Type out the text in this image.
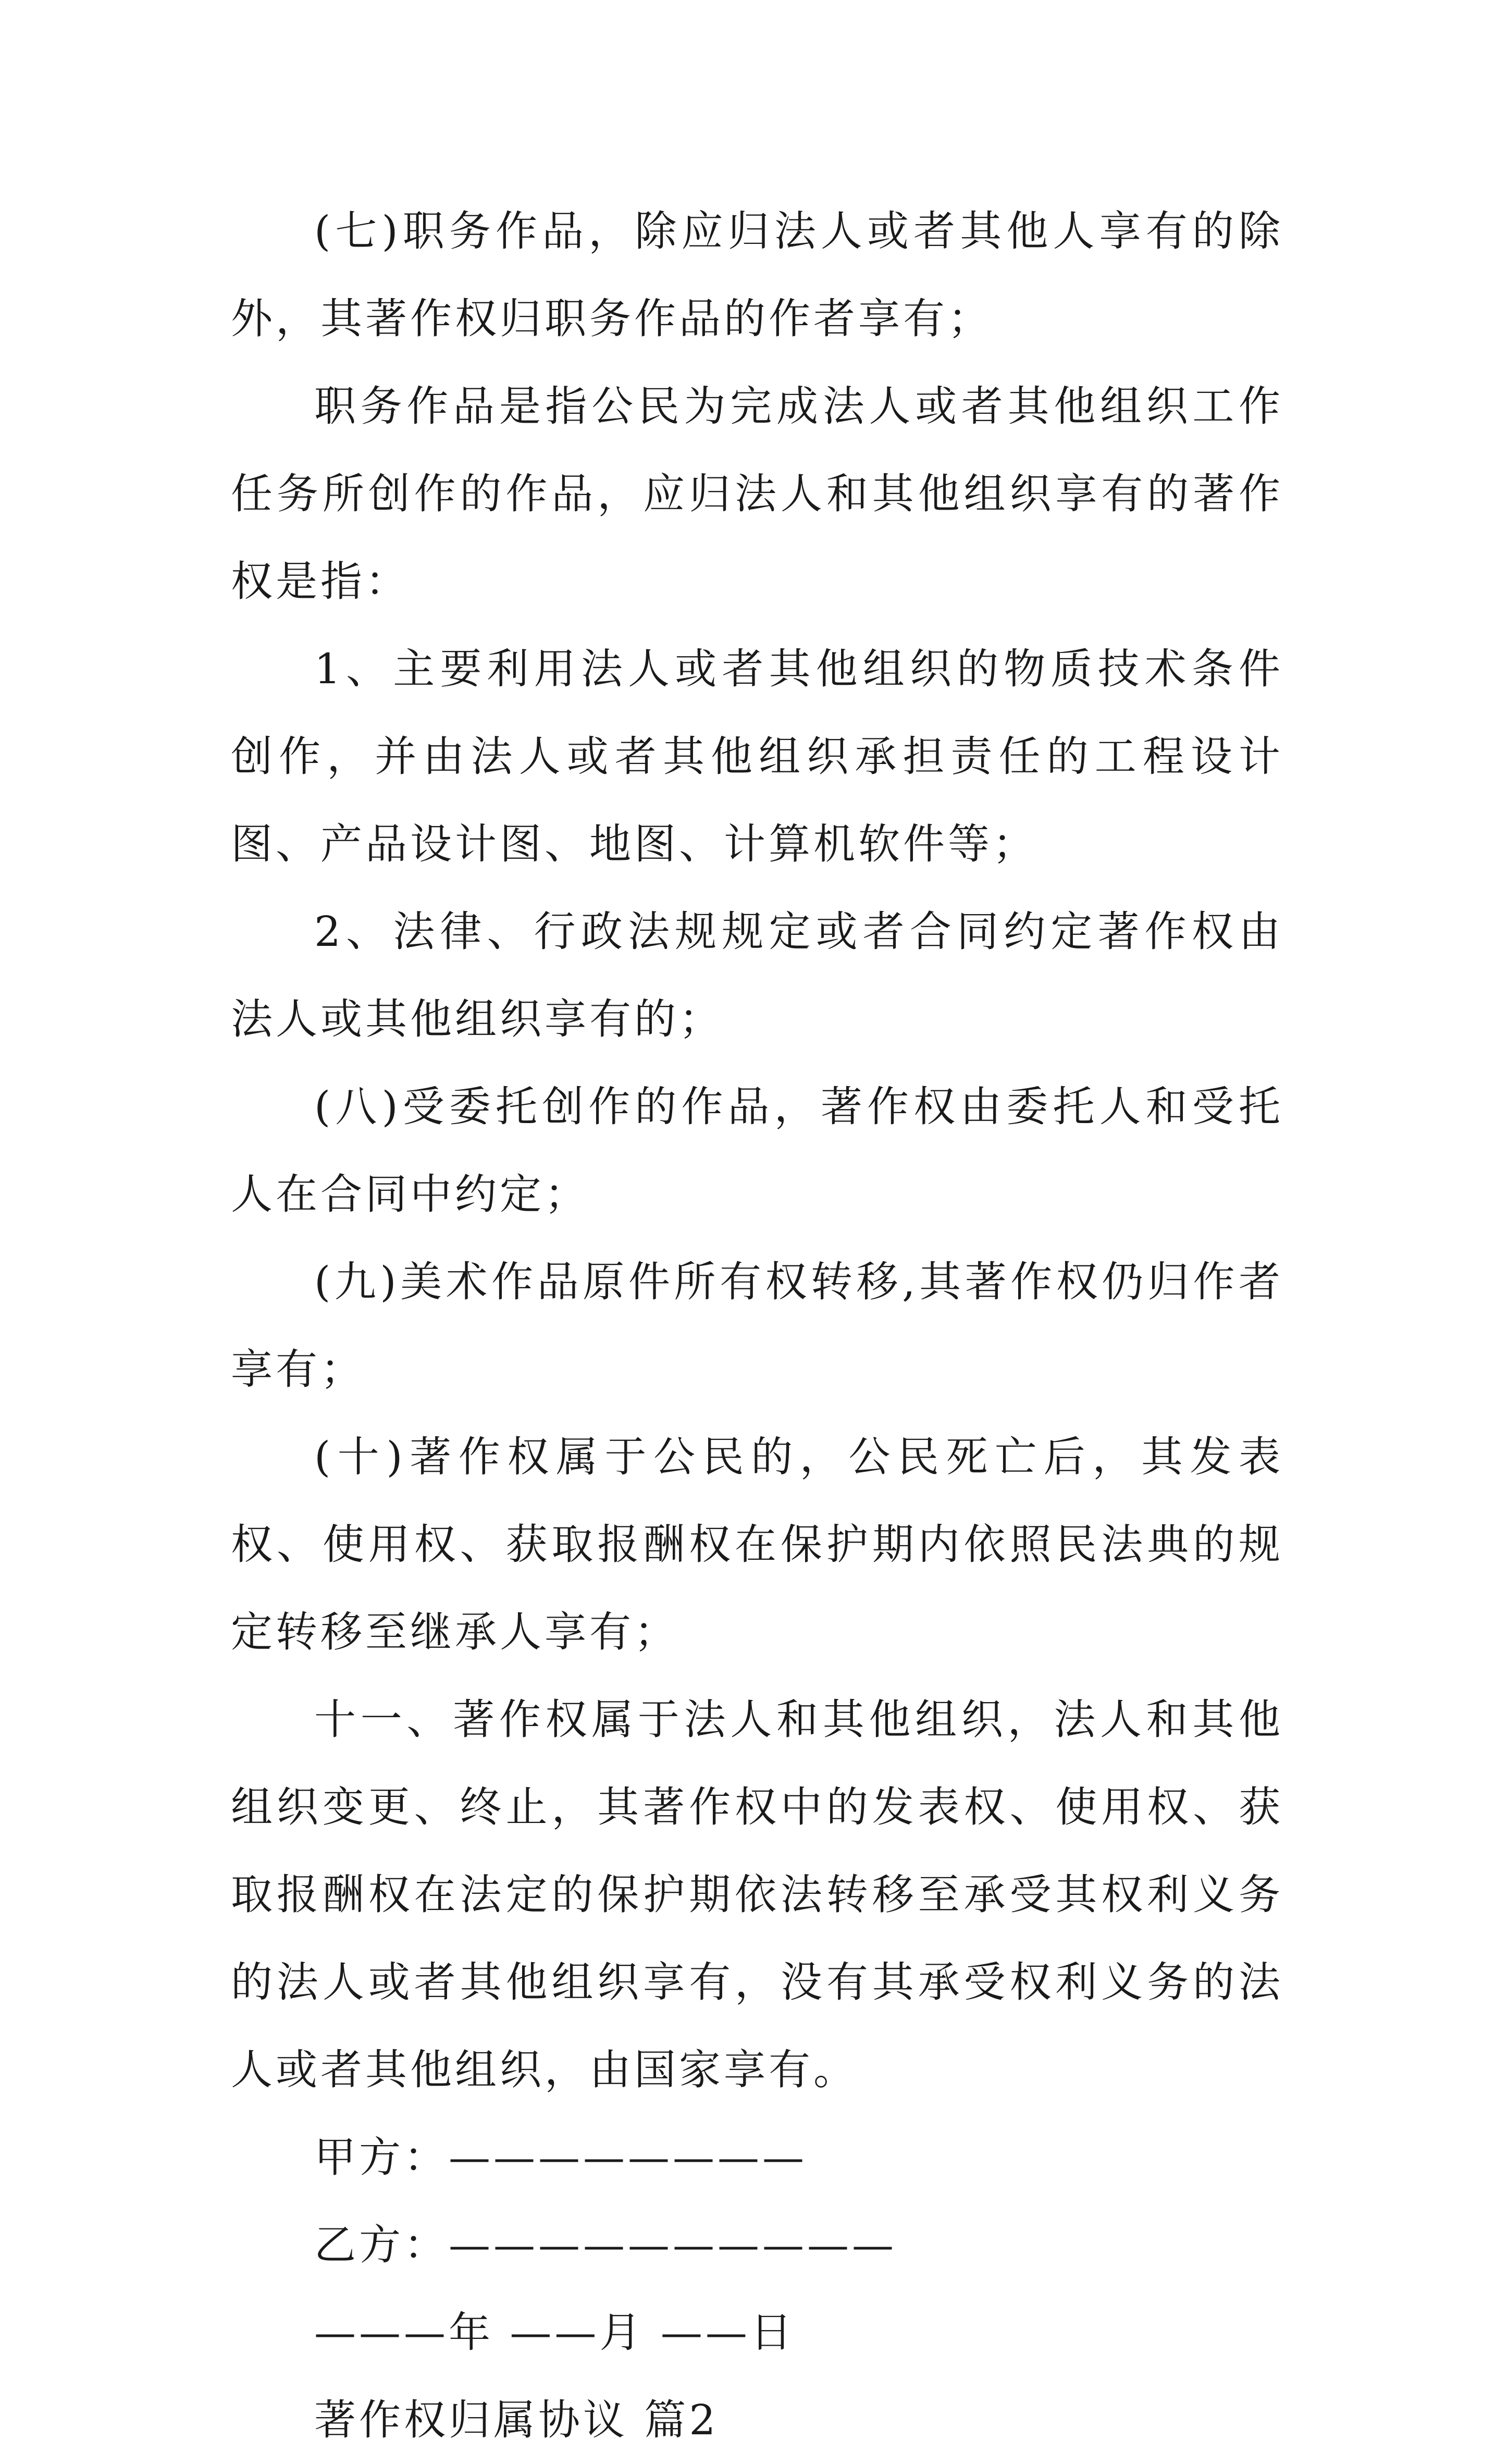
(七)职务作品，除应归法人或者其他人享有的除外，其著作权归职务作品的作者享有；

职务作品是指公民为完成法人或者其他组织工作任务所创作的作品，应归法人和其他组织享有的著作权是指：

1、主要利用法人或者其他组织的物质技术条件创作，并由法人或者其他组织承担责任的工程设计图、产品设计图、地图、计算机软件等；

2、法律、行政法规规定或者合同约定著作权由法人或其他组织享有的；

(八)受委托创作的作品，著作权由委托人和受托人在合同中约定；

(九)美术作品原件所有权转移,其著作权仍归作者享有；

(十)著作权属于公民的，公民死亡后，其发表权、使用权、获取报酬权在保护期内依照民法典的规定转移至继承人享有；

十一、著作权属于法人和其他组织，法人和其他组织变更、终止，其著作权中的发表权、使用权、获取报酬权在法定的保护期依法转移至承受其权利义务的法人或者其他组织享有，没有其承受权利义务的法人或者其他组织，由国家享有。

甲方：————————

乙方：——————————

———年 ——月 ——日

著作权归属协议 篇2
